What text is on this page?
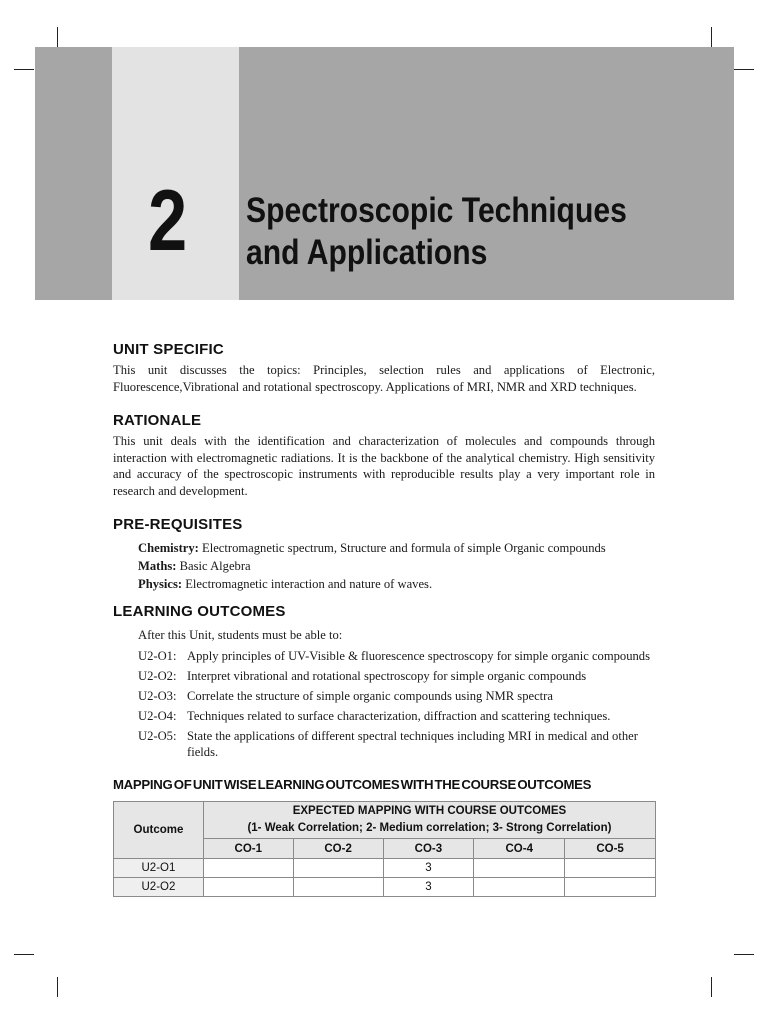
2 Spectroscopic Techniques
and Applications
UNIT SPECIFIC

This unit discusses the topics: Principles, selection rules and applications of Electronic, Fluorescence,Vibrational and rotational spectroscopy. Applications of MRI, NMR and XRD techniques.

RATIONALE

This unit deals with the identification and characterization of molecules and compounds through interaction with electromagnetic radiations. It is the backbone of the analytical chemistry. High sensitivity and accuracy of the spectroscopic instruments with reproducible results play a very important role in research and development.

PRE-REQUISITES
Chemistry: Electromagnetic spectrum, Structure and formula of simple Organic compounds
Maths: Basic Algebra
Physics: Electromagnetic interaction and nature of waves.
LEARNING OUTCOMES
After this Unit, students must be able to:
U2-O1: Apply principles of UV-Visible & fluorescence spectroscopy for simple organic compounds
U2-O2: Interpret vibrational and rotational spectroscopy for simple organic compounds
U2-O3: Correlate the structure of simple organic compounds using NMR spectra
U2-O4: Techniques related to surface characterization, diffraction and scattering techniques.
U2-O5: State the applications of different spectral techniques including MRI in medical and other fields.
MAPPING OF UNIT WISE LEARNING OUTCOMES WITH THE COURSE OUTCOMES
Outcome	EXPECTED MAPPING WITH COURSE OUTCOMES
(1- Weak Correlation; 2- Medium correlation; 3- Strong Correlation)				

	CO-1	CO-2	CO-3	CO-4	CO-5
U2-O1			3		
U2-O2			3		
